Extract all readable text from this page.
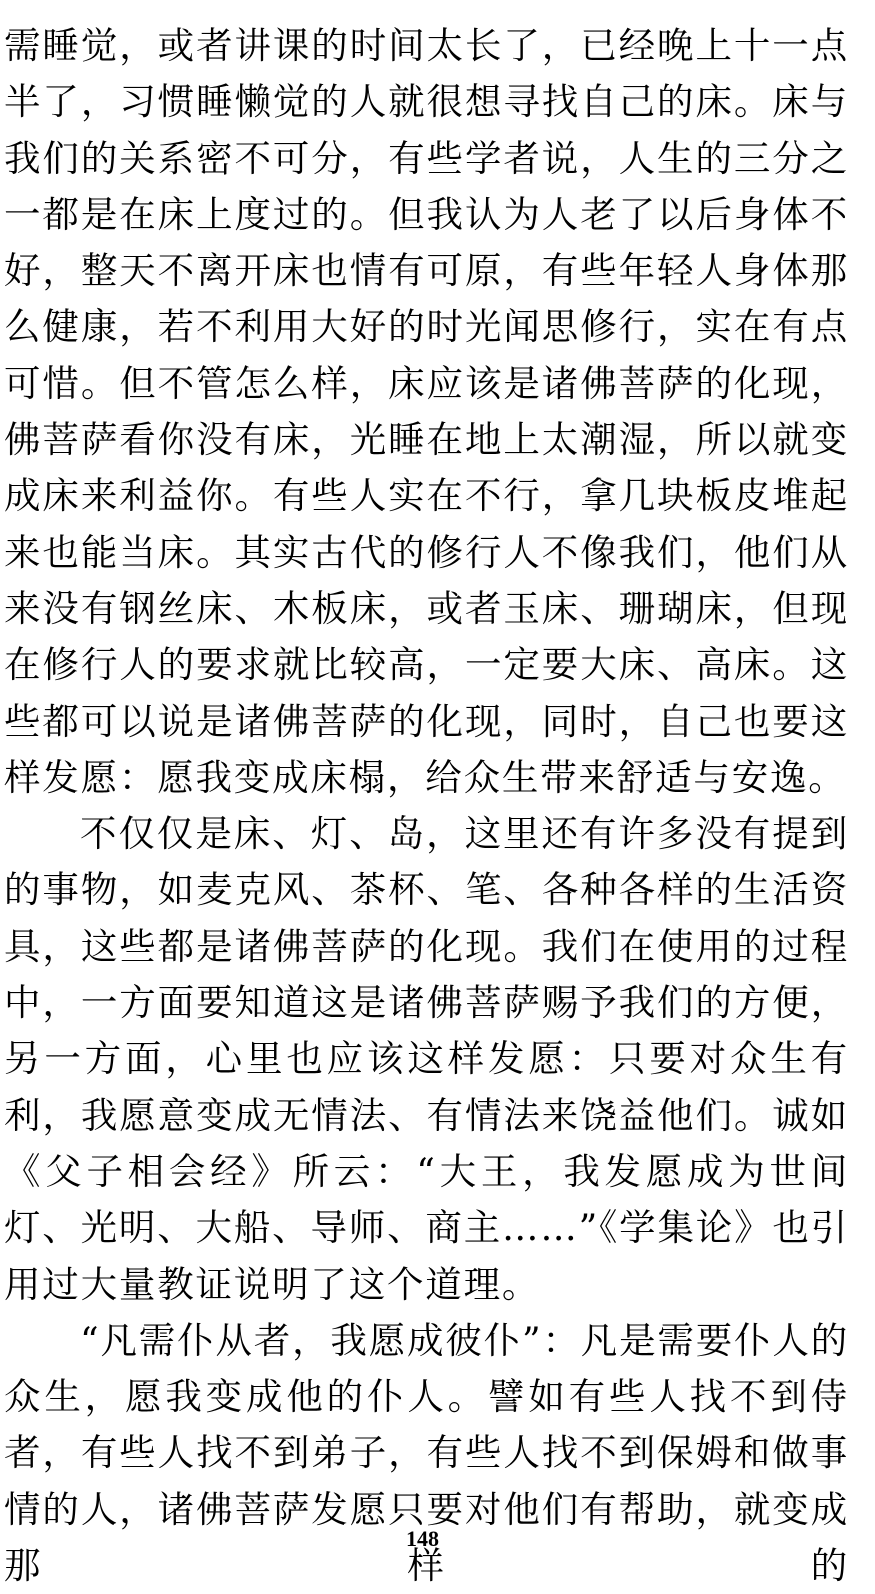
需睡觉，或者讲课的时间太长了，已经晚上十一点半了，习惯睡懒觉的人就很想寻找自己的床。床与我们的关系密不可分，有些学者说，人生的三分之一都是在床上度过的。但我认为人老了以后身体不好，整天不离开床也情有可原，有些年轻人身体那么健康，若不利用大好的时光闻思修行，实在有点可惜。但不管怎么样，床应该是诸佛菩萨的化现，佛菩萨看你没有床，光睡在地上太潮湿，所以就变成床来利益你。有些人实在不行，拿几块板皮堆起来也能当床。其实古代的修行人不像我们，他们从来没有钢丝床、木板床，或者玉床、珊瑚床，但现在修行人的要求就比较高，一定要大床、高床。这些都可以说是诸佛菩萨的化现，同时，自己也要这样发愿：愿我变成床榻，给众生带来舒适与安逸。

不仅仅是床、灯、岛，这里还有许多没有提到的事物，如麦克风、茶杯、笔、各种各样的生活资具，这些都是诸佛菩萨的化现。我们在使用的过程中，一方面要知道这是诸佛菩萨赐予我们的方便，另一方面，心里也应该这样发愿：只要对众生有利，我愿意变成无情法、有情法来饶益他们。诚如《父子相会经》所云：“大王，我发愿成为世间灯、光明、大船、导师、商主……”《学集论》也引用过大量教证说明了这个道理。

“凡需仆从者，我愿成彼仆”：凡是需要仆人的众生，愿我变成他的仆人。譬如有些人找不到侍者，有些人找不到弟子，有些人找不到保姆和做事情的人，诸佛菩萨发愿只要对他们有帮助，就变成那样的

148
